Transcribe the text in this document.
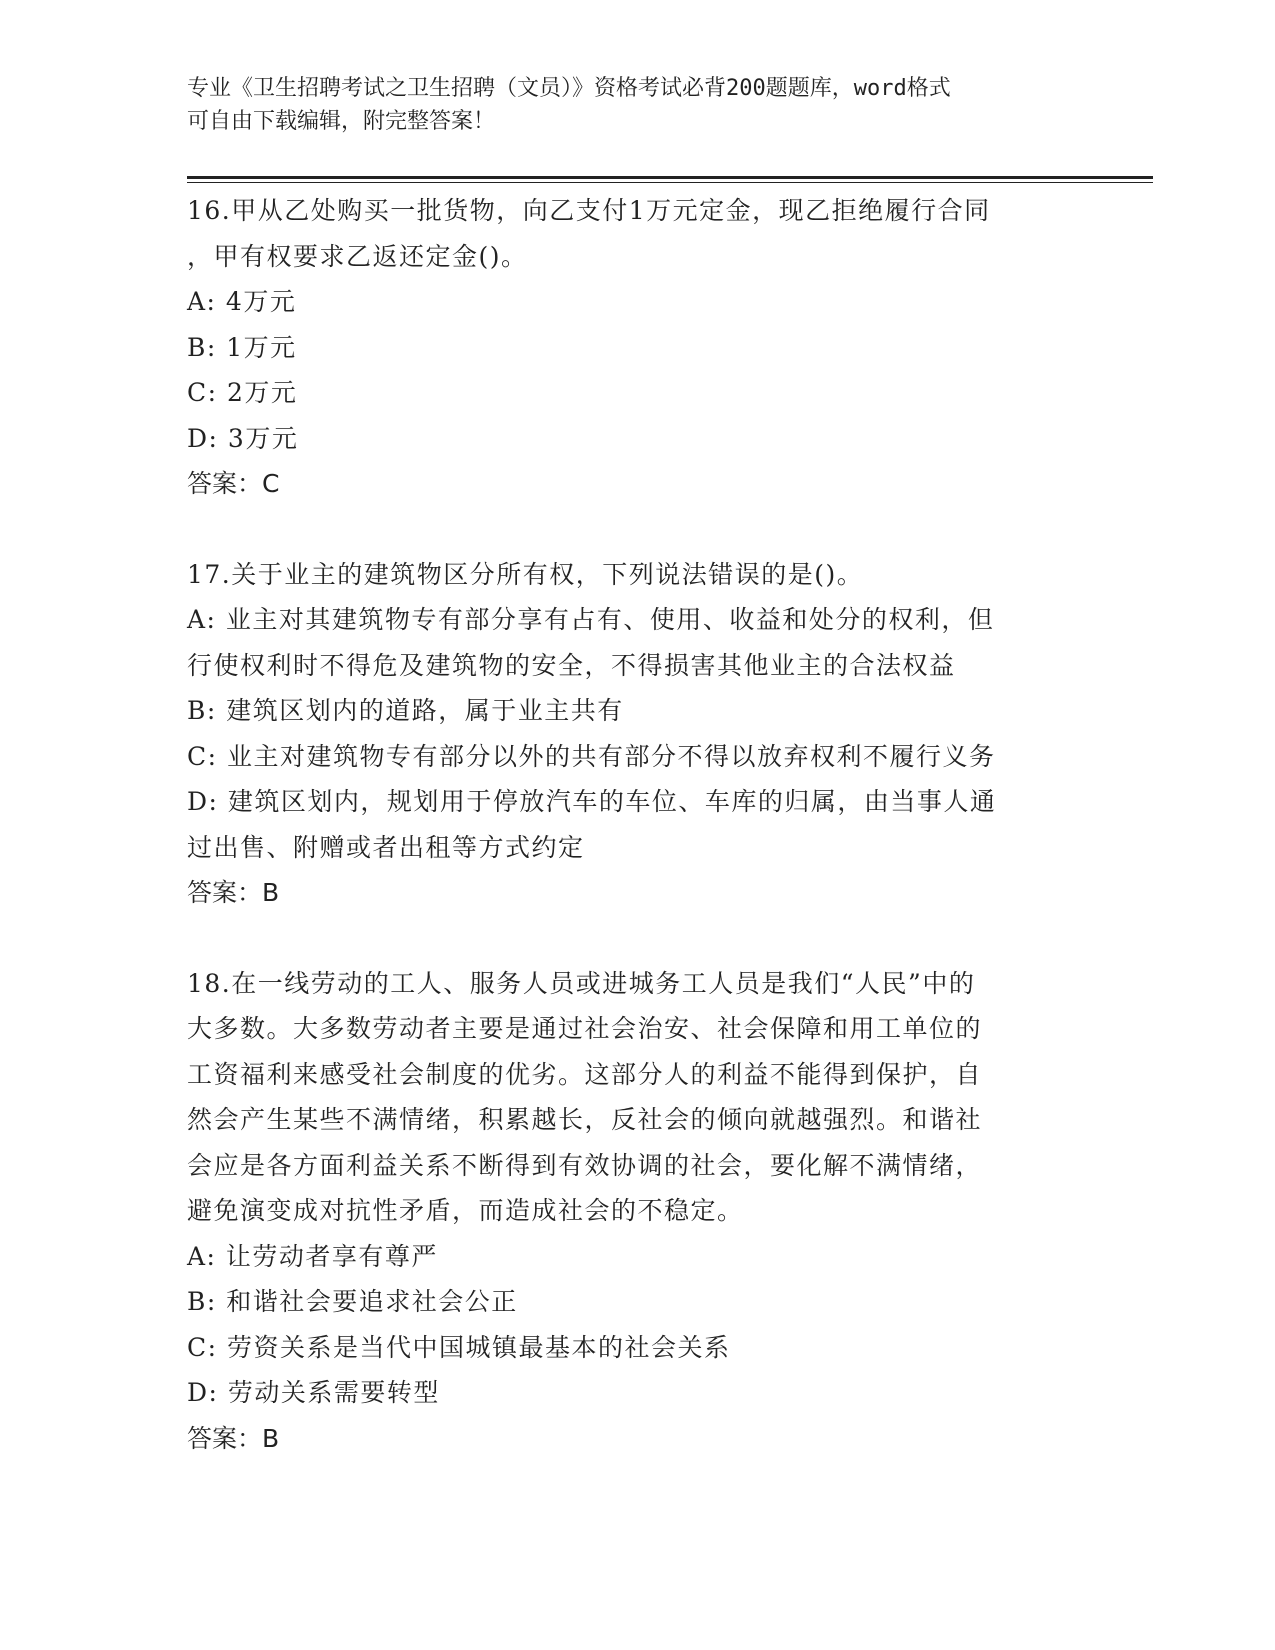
专业《卫生招聘考试之卫生招聘（文员）》资格考试必背200题题库，word格式
可自由下载编辑，附完整答案！
16.甲从乙处购买一批货物，向乙支付1万元定金，现乙拒绝履行合同
，甲有权要求乙返还定金()。
A: 4万元
B: 1万元
C: 2万元
D: 3万元
答案：C
17.关于业主的建筑物区分所有权，下列说法错误的是()。
A: 业主对其建筑物专有部分享有占有、使用、收益和处分的权利，但
行使权利时不得危及建筑物的安全，不得损害其他业主的合法权益
B: 建筑区划内的道路，属于业主共有
C: 业主对建筑物专有部分以外的共有部分不得以放弃权利不履行义务
D: 建筑区划内，规划用于停放汽车的车位、车库的归属，由当事人通
过出售、附赠或者出租等方式约定
答案：B
18.在一线劳动的工人、服务人员或进城务工人员是我们“人民”中的
大多数。大多数劳动者主要是通过社会治安、社会保障和用工单位的
工资福利来感受社会制度的优劣。这部分人的利益不能得到保护，自
然会产生某些不满情绪，积累越长，反社会的倾向就越强烈。和谐社
会应是各方面利益关系不断得到有效协调的社会，要化解不满情绪，
避免演变成对抗性矛盾，而造成社会的不稳定。
A: 让劳动者享有尊严
B: 和谐社会要追求社会公正
C: 劳资关系是当代中国城镇最基本的社会关系
D: 劳动关系需要转型
答案：B
